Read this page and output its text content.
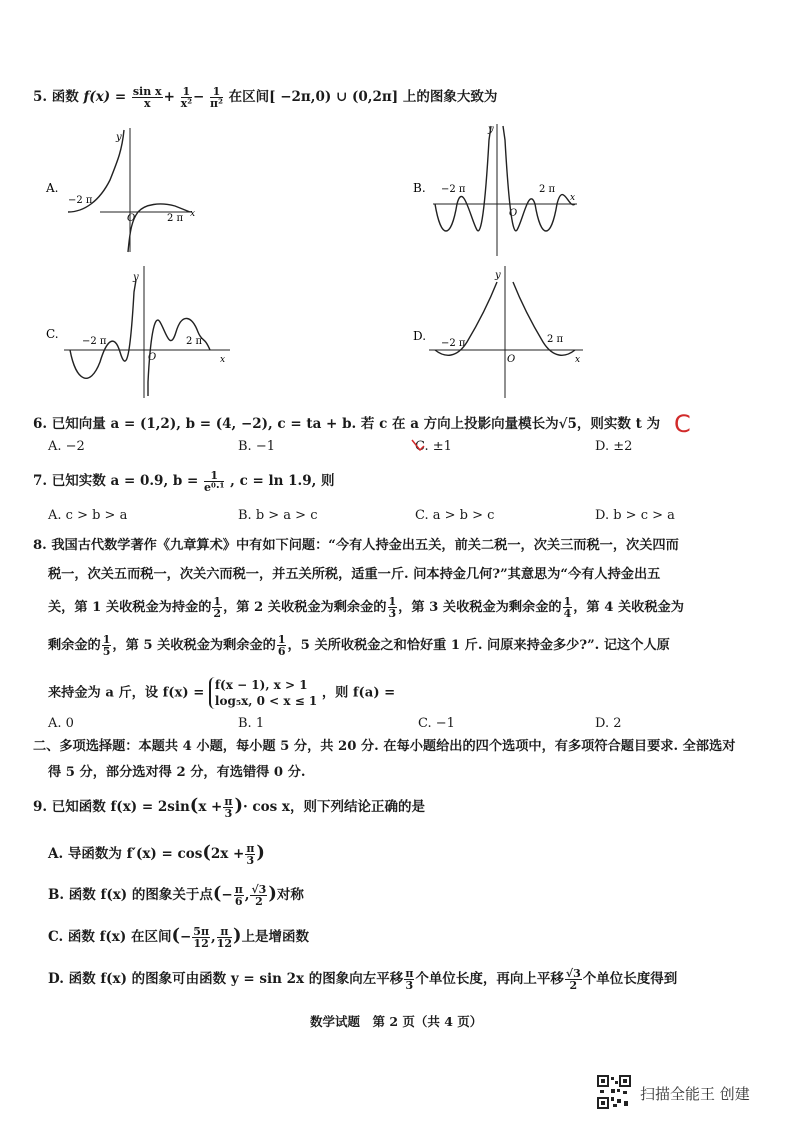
5. 函数 $f(x) = \frac{\text{sin x}}{x} + \frac{1}{\text{x²}} - \frac{1}{\text{π²}}$ 在区间[ −2π,0) ∪ (0,2π] 上的图象大致为
A.
y
x
−2 π
2 π
O
B.
y
x
−2 π	2 π
O
C.
y
x
−2 π	2 π
O
D.
y
x
−2 π	2 π
O
6. 已知向量 a = (1,2), b = (4, −2), c = ta + b. 若 c 在 a 方向上投影向量模长为√5，则实数 t 为 C
A. −2	B. −1	C. ±1	D. ±2
7. 已知实数 a = 0.9, $b = \frac{1}{\text{e⁰·¹}}$ , c = ln 1.9, 则
A. c > b > a	B. b > a > c	C. a > b > c	D. b > c > a
8. 我国古代数学著作《九章算术》中有如下问题：“今有人持金出五关，前关二税一，次关三而税一，次关四而
税一，次关五而税一，次关六而税一，并五关所税，适重一斤. 问本持金几何?”其意思为“今有人持金出五
关，第 1 关收税金为持金的 $\frac{1}{2}$ ，第 2 关收税金为剩余金的 $\frac{1}{3}$ ，第 3 关收税金为剩余金的 $\frac{1}{4}$ ，第 4 关收税金为
剩余金的 $\frac{1}{5}$ ，第 5 关收税金为剩余金的 $\frac{1}{6}$ ，5 关所收税金之和恰好重 1 斤. 问原来持金多少?”. 记这个人原
来持金为 a 斤，设 f(x) =
f(x − 1), x > 1
log₅x, 0 < x ≤ 1
，则 f(a) =
A. 0	B. 1	C. −1	D. 2
二、多项选择题：本题共 4 小题，每小题 5 分，共 20 分. 在每小题给出的四个选项中，有多项符合题目要求. 全部选对
得 5 分，部分选对得 2 分，有选错得 0 分.
9. 已知函数 $f(x) = 2\sin(x + \frac{\pi}{3}$ )· cos x，则下列结论正确的是
A. 导函数为 $f'(x) = \cos(2x + \frac{\pi}{3}$ )
B. 函数 f(x) 的图象关于点(− $\frac{\pi}{6}$ , $\frac{√3}{2}$ )对称
C. 函数 f(x) 在区间(− $\frac{5\pi}{12}$ , $\frac{\pi}{12}$ )上是增函数
D. 函数 f(x) 的图象可由函数 y = sin 2x 的图象向左平移 $\frac{\pi}{3}$ 个单位长度，再向上平移 $\frac{√3}{2}$ 个单位长度得到
数学试题　第 2 页（共 4 页）
扫描全能王 创建
